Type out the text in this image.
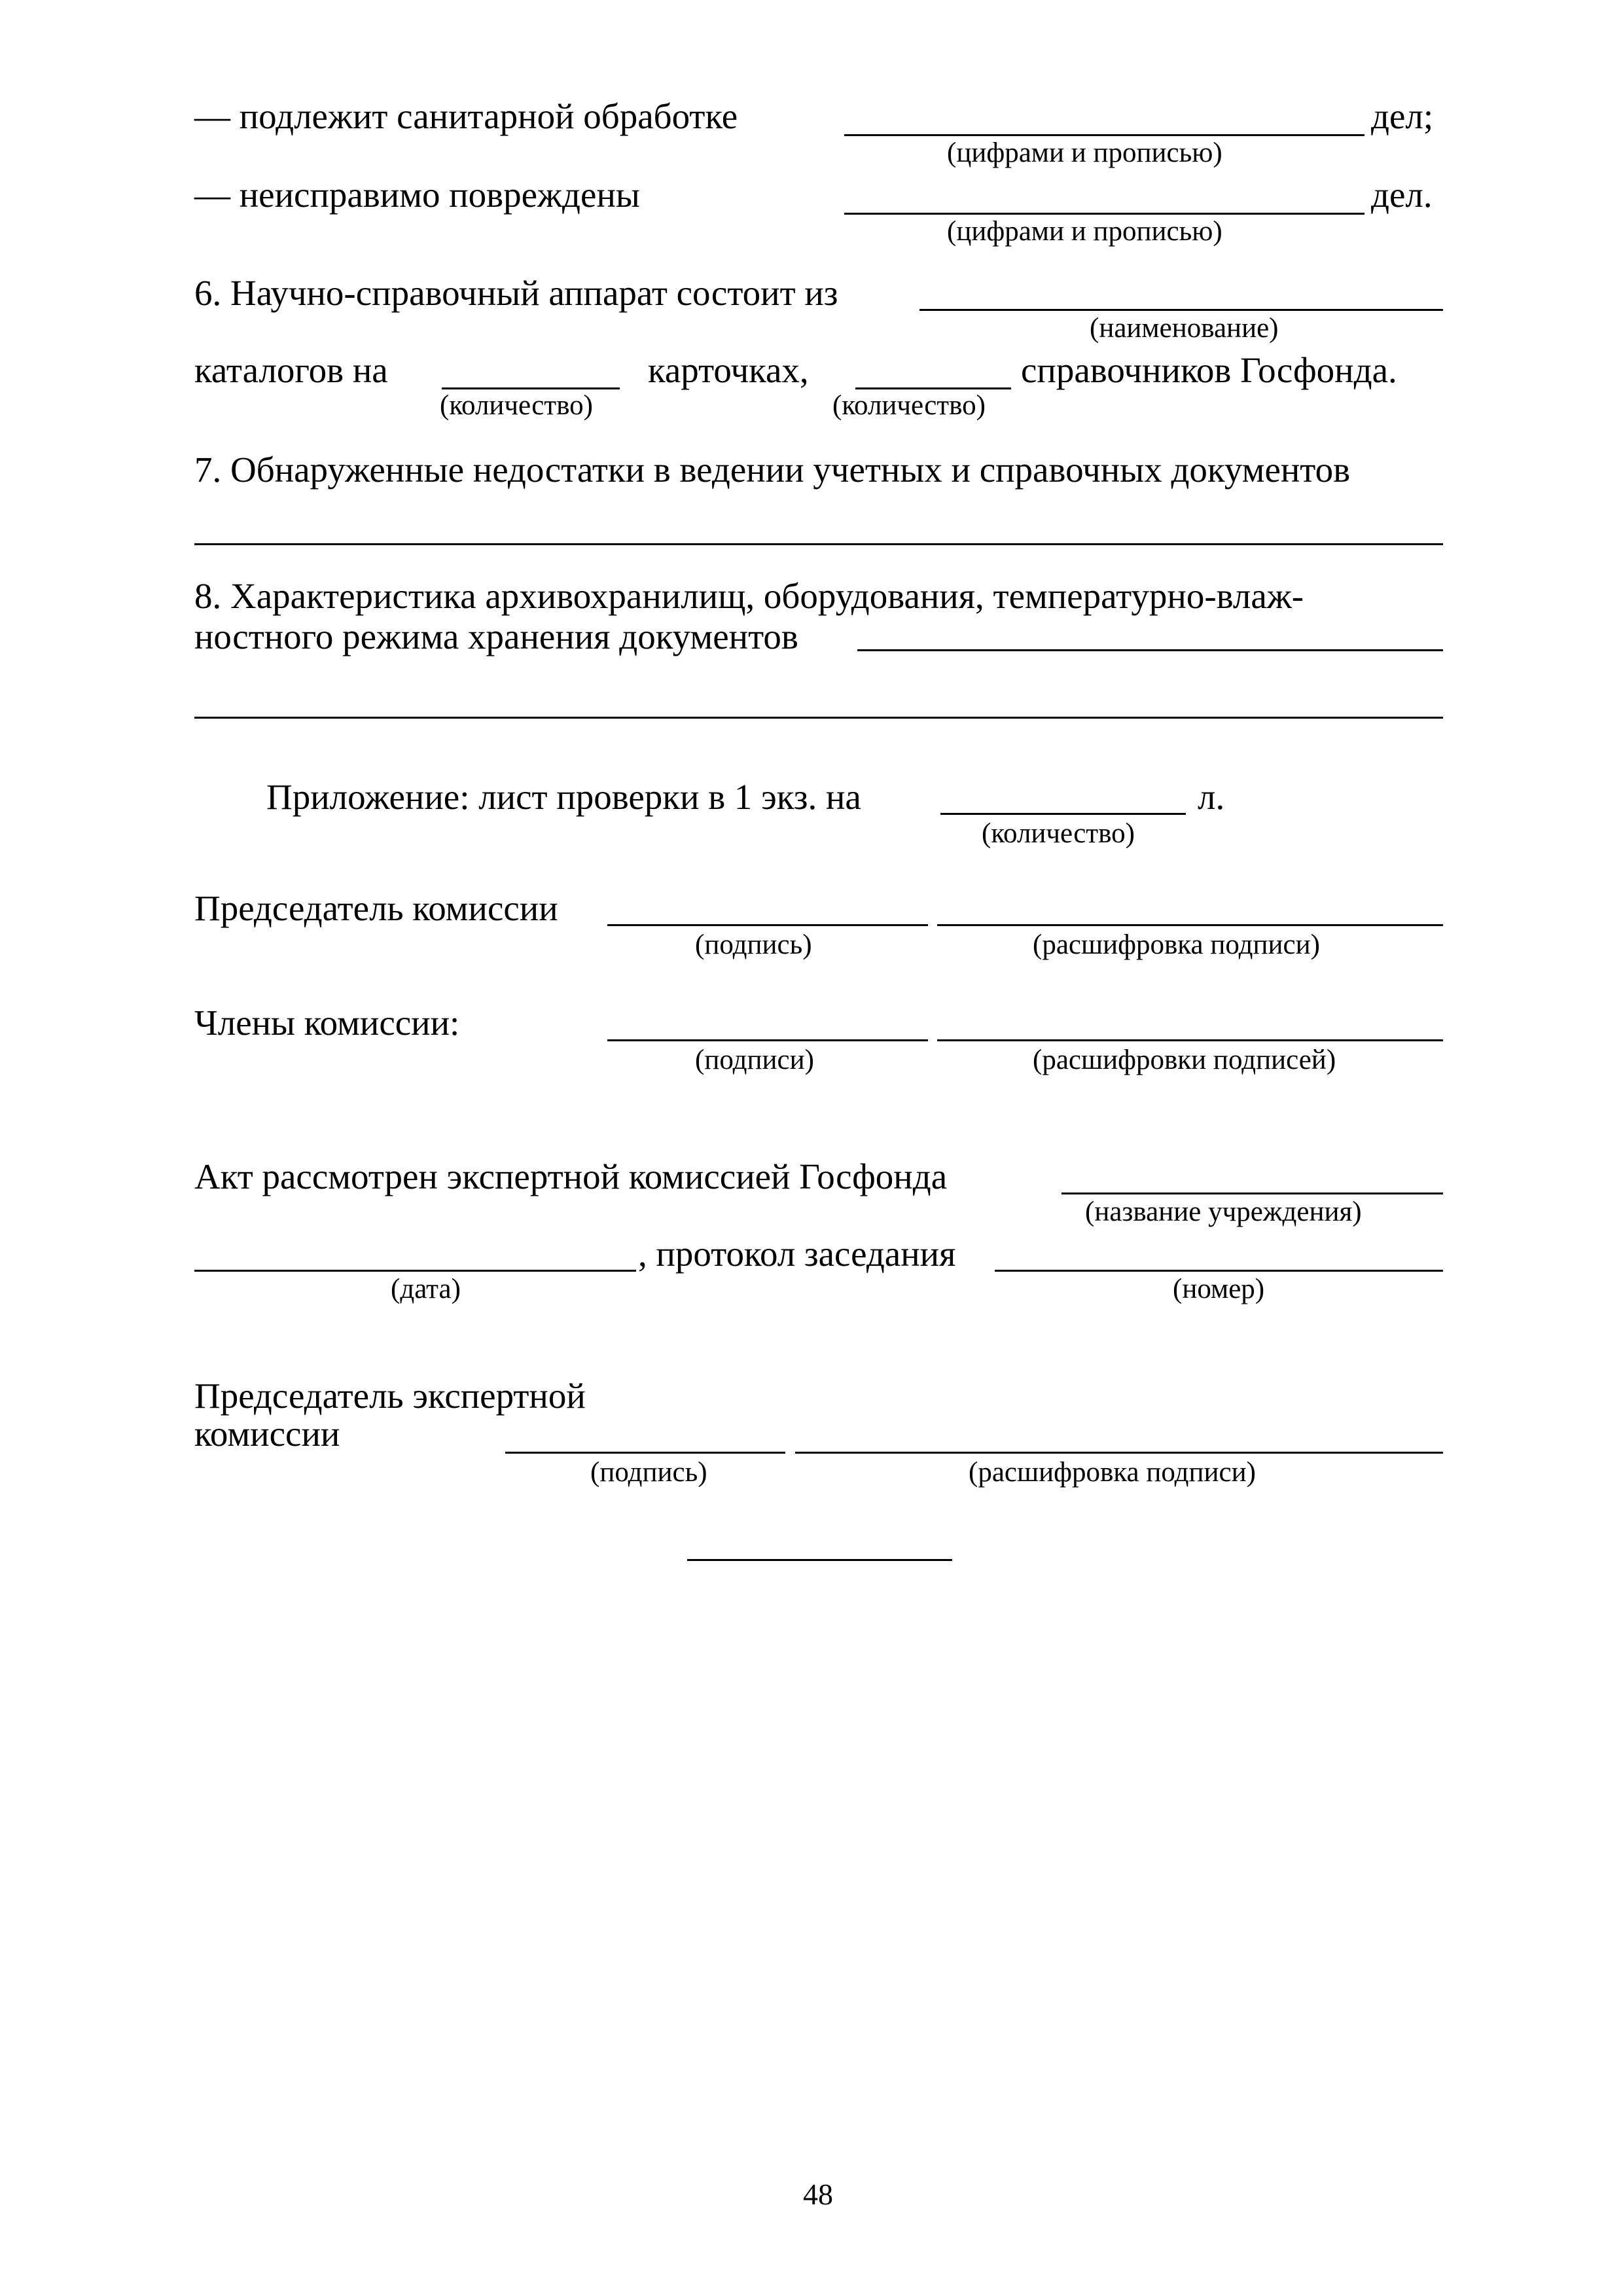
— подлежит санитарной обработке	дел;
(цифрами и прописью)
— неисправимо повреждены	дел.
(цифрами и прописью)
6. Научно-справочный аппарат состоит из
(наименование)
каталогов на	карточках,	справочников Госфонда.
(количество)	(количество)
7. Обнаруженные недостатки в ведении учетных и справочных документов
8. Характеристика архивохранилищ, оборудования, температурно-влаж-
ностного режима хранения документов
Приложение: лист проверки в 1 экз. на	л.
(количество)
Председатель комиссии
(подпись)	(расшифровка подписи)
Члены комиссии:
(подписи)	(расшифровки подписей)
Акт рассмотрен экспертной комиссией Госфонда
(название учреждения)
, протокол заседания
(дата)	(номер)
Председатель экспертной
комиссии
(подпись)	(расшифровка подписи)
48
